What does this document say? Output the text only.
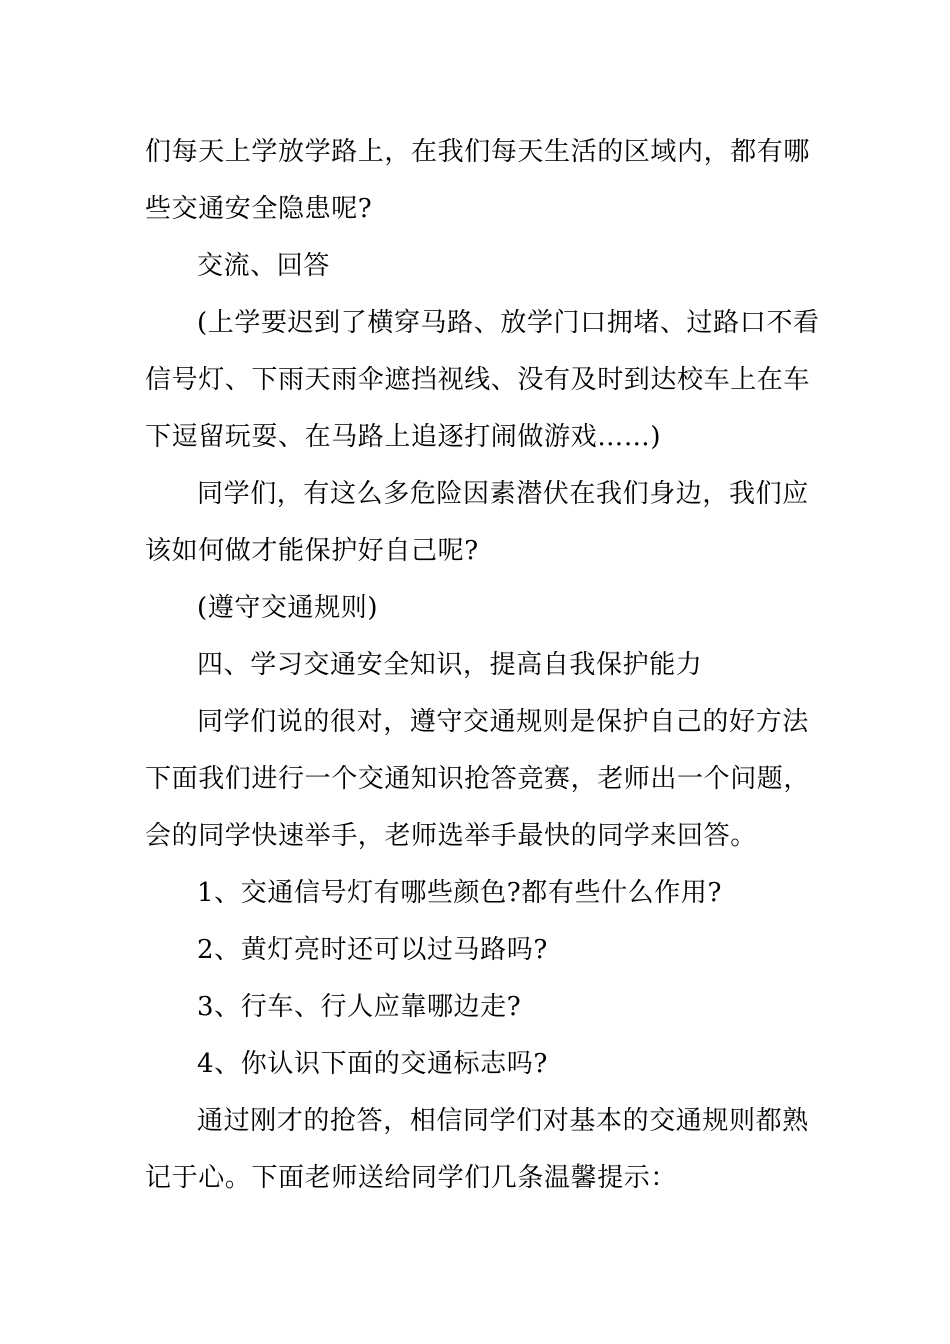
们每天上学放学路上，在我们每天生活的区域内，都有哪
些交通安全隐患呢?
交流、回答
(上学要迟到了横穿马路、放学门口拥堵、过路口不看
信号灯、下雨天雨伞遮挡视线、没有及时到达校车上在车
下逗留玩耍、在马路上追逐打闹做游戏……)
同学们，有这么多危险因素潜伏在我们身边，我们应
该如何做才能保护好自己呢?
(遵守交通规则)
四、学习交通安全知识，提高自我保护能力
同学们说的很对，遵守交通规则是保护自己的好方法
下面我们进行一个交通知识抢答竞赛，老师出一个问题，
会的同学快速举手，老师选举手最快的同学来回答。
1、交通信号灯有哪些颜色?都有些什么作用?
2、黄灯亮时还可以过马路吗?
3、行车、行人应靠哪边走?
4、你认识下面的交通标志吗?
通过刚才的抢答，相信同学们对基本的交通规则都熟
记于心。下面老师送给同学们几条温馨提示：
